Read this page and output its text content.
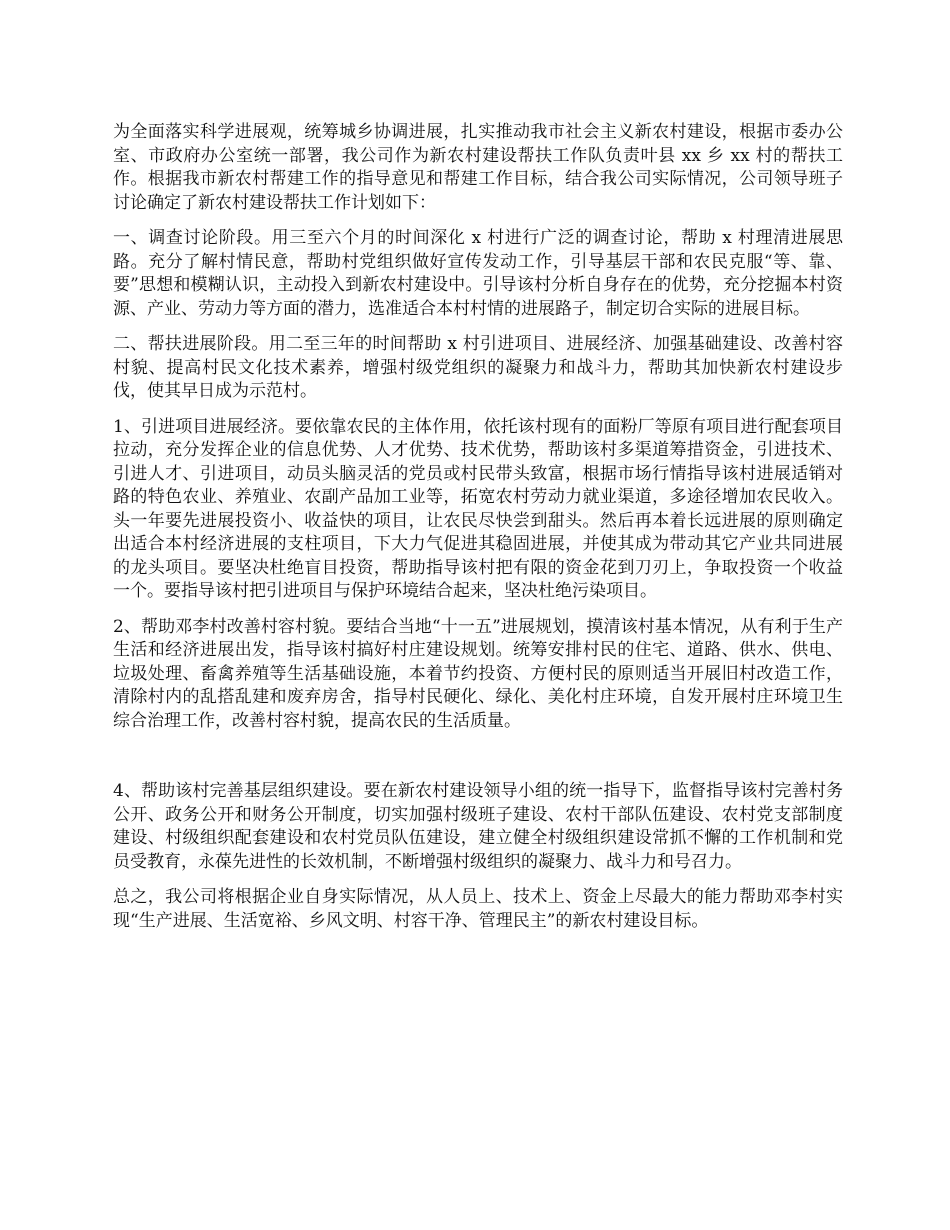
为全面落实科学进展观，统筹城乡协调进展，扎实推动我市社会主义新农村建设，根据市委办公室、市政府办公室统一部署，我公司作为新农村建设帮扶工作队负责叶县 xx 乡 xx 村的帮扶工作。根据我市新农村帮建工作的指导意见和帮建工作目标，结合我公司实际情况，公司领导班子讨论确定了新农村建设帮扶工作计划如下：

一、调查讨论阶段。用三至六个月的时间深化 x 村进行广泛的调查讨论，帮助 x 村理清进展思路。充分了解村情民意，帮助村党组织做好宣传发动工作，引导基层干部和农民克服“等、靠、要”思想和模糊认识，主动投入到新农村建设中。引导该村分析自身存在的优势，充分挖掘本村资源、产业、劳动力等方面的潜力，选准适合本村村情的进展路子，制定切合实际的进展目标。

二、帮扶进展阶段。用二至三年的时间帮助 x 村引进项目、进展经济、加强基础建设、改善村容村貌、提高村民文化技术素养，增强村级党组织的凝聚力和战斗力，帮助其加快新农村建设步伐，使其早日成为示范村。

1、引进项目进展经济。要依靠农民的主体作用，依托该村现有的面粉厂等原有项目进行配套项目拉动，充分发挥企业的信息优势、人才优势、技术优势，帮助该村多渠道筹措资金，引进技术、引进人才、引进项目，动员头脑灵活的党员或村民带头致富，根据市场行情指导该村进展适销对路的特色农业、养殖业、农副产品加工业等，拓宽农村劳动力就业渠道，多途径增加农民收入。头一年要先进展投资小、收益快的项目，让农民尽快尝到甜头。然后再本着长远进展的原则确定出适合本村经济进展的支柱项目，下大力气促进其稳固进展，并使其成为带动其它产业共同进展的龙头项目。要坚决杜绝盲目投资，帮助指导该村把有限的资金花到刀刃上，争取投资一个收益一个。要指导该村把引进项目与保护环境结合起来，坚决杜绝污染项目。

2、帮助邓李村改善村容村貌。要结合当地“十一五”进展规划，摸清该村基本情况，从有利于生产生活和经济进展出发，指导该村搞好村庄建设规划。统筹安排村民的住宅、道路、供水、供电、垃圾处理、畜禽养殖等生活基础设施，本着节约投资、方便村民的原则适当开展旧村改造工作，清除村内的乱搭乱建和废弃房舍，指导村民硬化、绿化、美化村庄环境，自发开展村庄环境卫生综合治理工作，改善村容村貌，提高农民的生活质量。

4、帮助该村完善基层组织建设。要在新农村建设领导小组的统一指导下，监督指导该村完善村务公开、政务公开和财务公开制度，切实加强村级班子建设、农村干部队伍建设、农村党支部制度建设、村级组织配套建设和农村党员队伍建设，建立健全村级组织建设常抓不懈的工作机制和党员受教育，永葆先进性的长效机制，不断增强村级组织的凝聚力、战斗力和号召力。

总之，我公司将根据企业自身实际情况，从人员上、技术上、资金上尽最大的能力帮助邓李村实现“生产进展、生活宽裕、乡风文明、村容干净、管理民主”的新农村建设目标。
